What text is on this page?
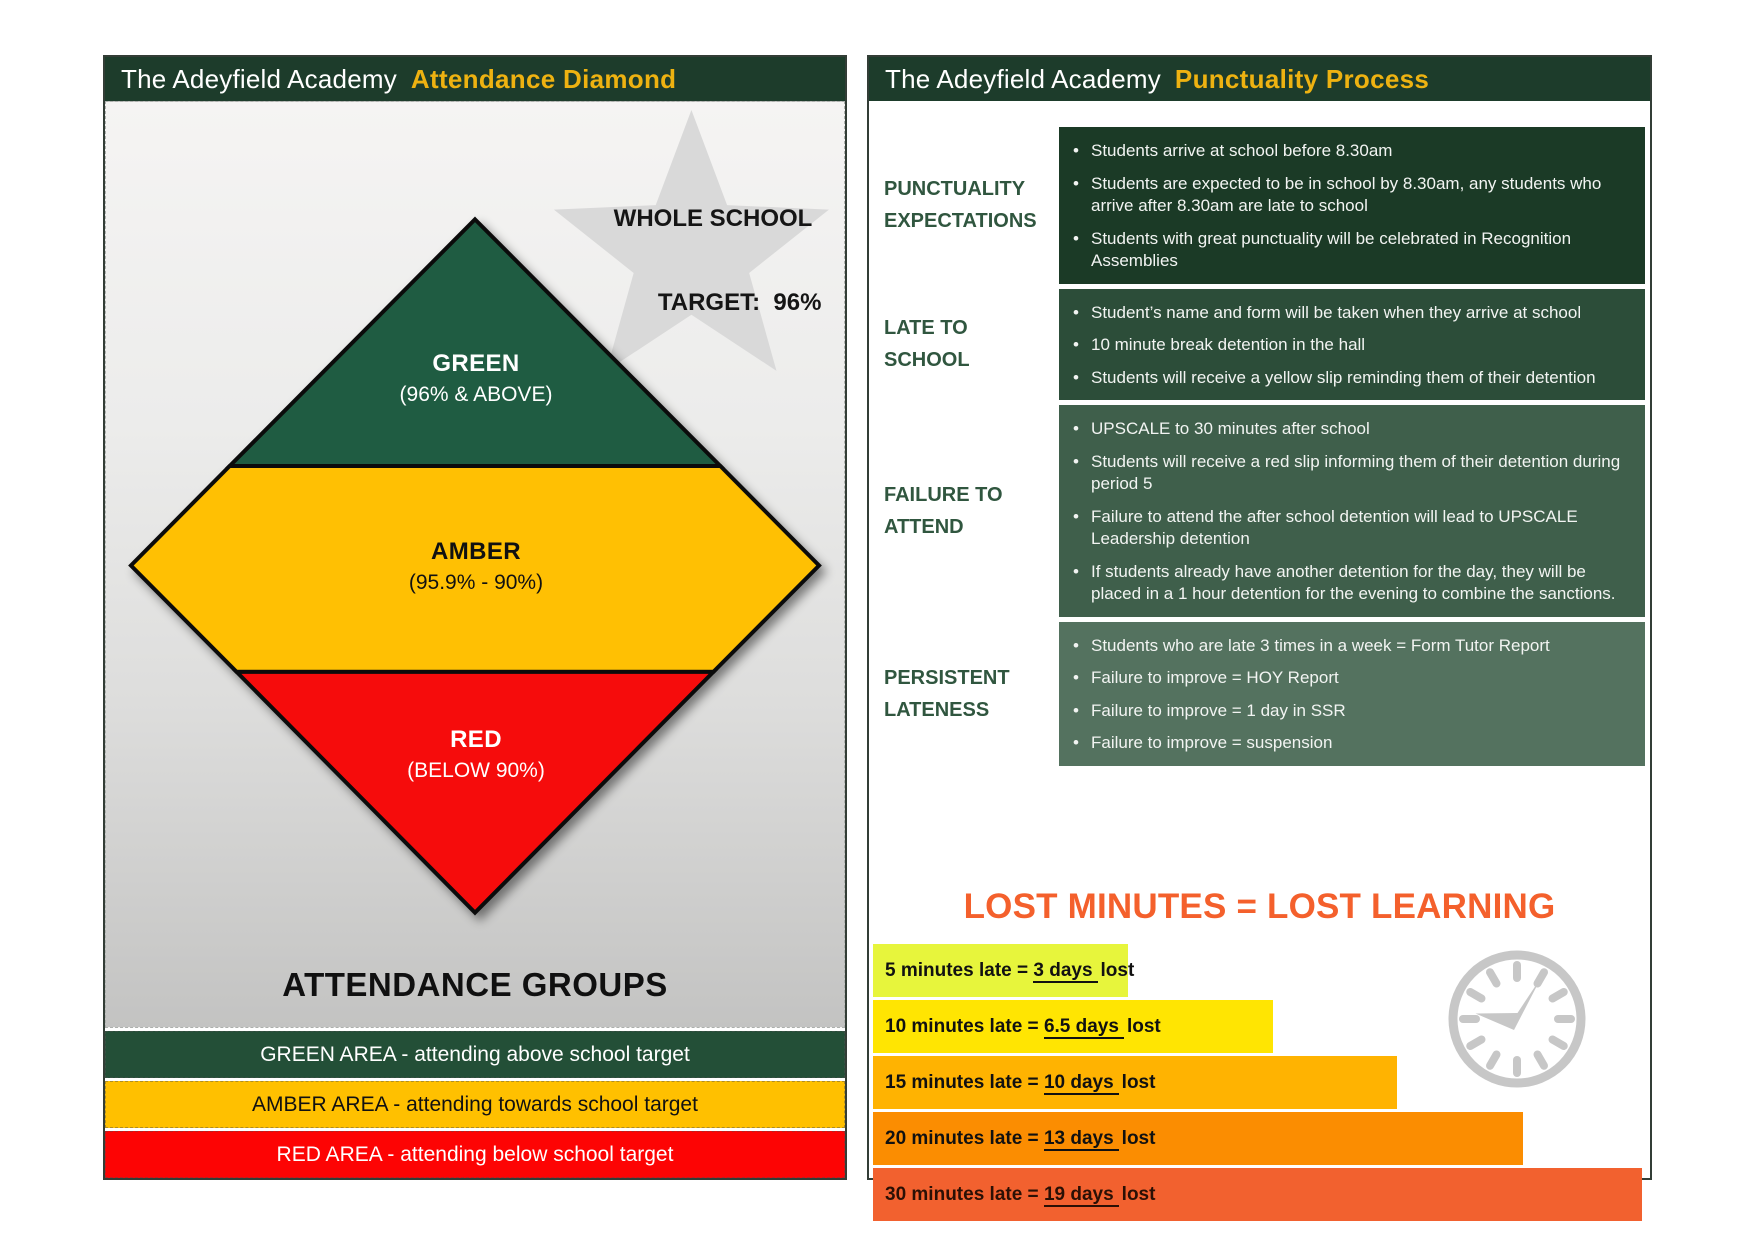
The Adeyfield Academy Attendance Diamond
WHOLE SCHOOL

TARGET:  96%

GREEN
(96% & ABOVE)
AMBER
(95.9% - 90%)
RED
(BELOW 90%)
ATTENDANCE GROUPS
GREEN AREA - attending above school target
AMBER AREA - attending towards school target
RED AREA - attending below school target
The Adeyfield Academy Punctuality Process
PUNCTUALITY
EXPECTATIONS
• Students arrive at school before 8.30am
• Students are expected to be in school by 8.30am, any students who arrive after 8.30am are late to school
• Students with great punctuality will be celebrated in Recognition Assemblies
LATE TO
SCHOOL
• Student’s name and form will be taken when they arrive at school
• 10 minute break detention in the hall
• Students will receive a yellow slip reminding them of their detention
FAILURE TO
ATTEND
• UPSCALE to 30 minutes after school
• Students will receive a red slip informing them of their detention during period 5
• Failure to attend the after school detention will lead to UPSCALE Leadership detention
• If students already have another detention for the day, they will be placed in a 1 hour detention for the evening to combine the sanctions.
PERSISTENT
LATENESS
• Students who are late 3 times in a week = Form Tutor Report
• Failure to improve = HOY Report
• Failure to improve = 1 day in SSR
• Failure to improve = suspension
LOST MINUTES = LOST LEARNING
5 minutes late = 3 days lost
10 minutes late = 6.5 days lost
15 minutes late = 10 days lost
20 minutes late = 13 days lost
30 minutes late = 19 days lost
